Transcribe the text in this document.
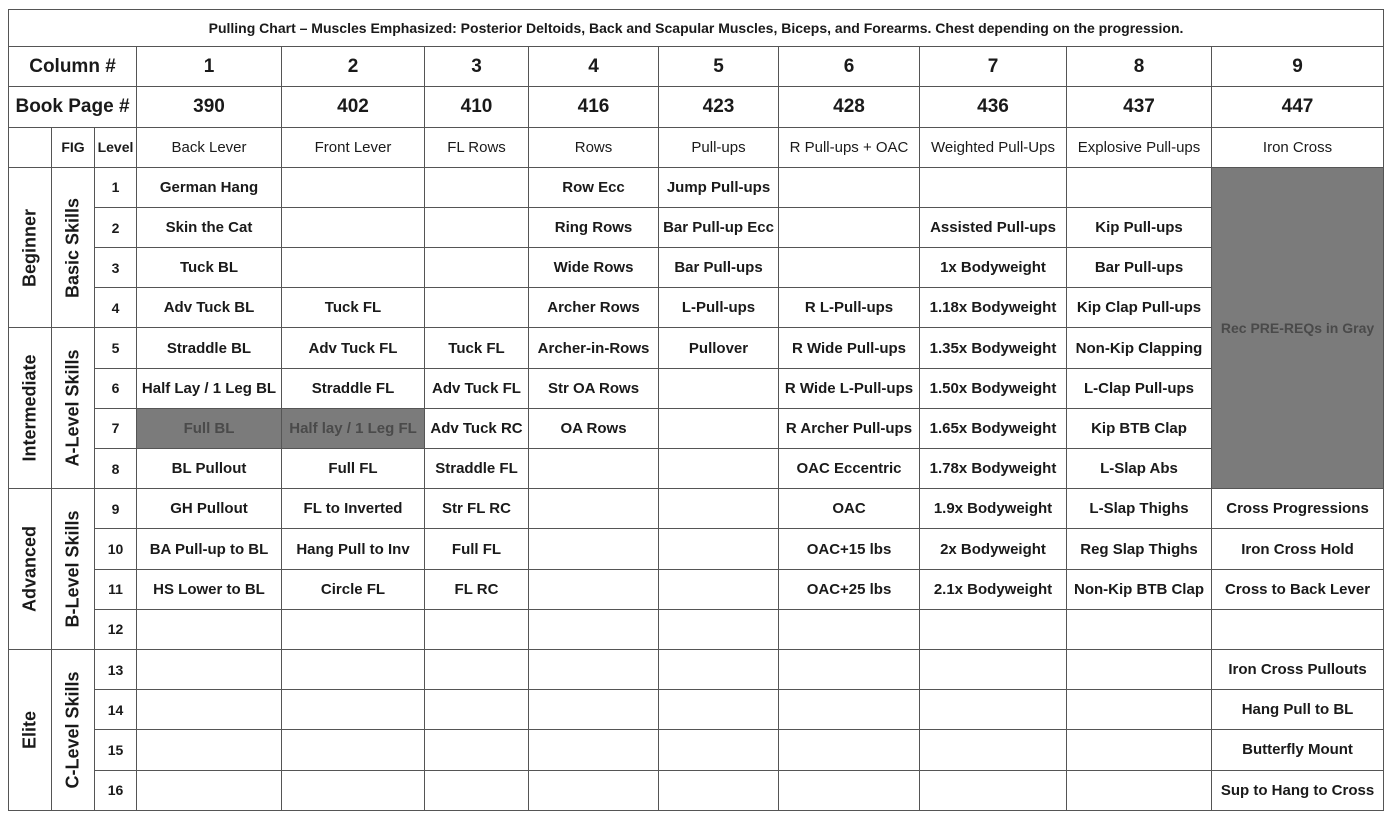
Pulling Chart – Muscles Emphasized: Posterior Deltoids, Back and Scapular Muscles, Biceps, and Forearms. Chest depending on the progression.											
Column #			1	2	3	4	5	6	7	8	9
Book Page #			390	402	410	416	423	428	436	437	447
	FIG	Level	Back Lever	Front Lever	FL Rows	Rows	Pull-ups	R Pull-ups + OAC	Weighted Pull-Ups	Explosive Pull-ups	Iron Cross

Beginner	Basic Skills	1	German Hang			Row Ecc	Jump Pull-ups				Rec PRE-REQs in Gray
		2	Skin the Cat			Ring Rows	Bar Pull-up Ecc		Assisted Pull-ups	Kip Pull-ups	
		3	Tuck BL			Wide Rows	Bar Pull-ups		1x Bodyweight	Bar Pull-ups	
		4	Adv Tuck BL	Tuck FL		Archer Rows	L-Pull-ups	R L-Pull-ups	1.18x Bodyweight	Kip Clap Pull-ups	

Intermediate	A-Level Skills	5	Straddle BL	Adv Tuck FL	Tuck FL	Archer-in-Rows	Pullover	R Wide Pull-ups	1.35x Bodyweight	Non-Kip Clapping	
		6	Half Lay / 1 Leg BL	Straddle FL	Adv Tuck FL	Str OA Rows		R Wide L-Pull-ups	1.50x Bodyweight	L-Clap Pull-ups	
		7	Full BL	Half lay / 1 Leg FL	Adv Tuck RC	OA Rows		R Archer Pull-ups	1.65x Bodyweight	Kip BTB Clap	
		8	BL Pullout	Full FL	Straddle FL			OAC Eccentric	1.78x Bodyweight	L-Slap Abs	

Advanced	B-Level Skills	9	GH Pullout	FL to Inverted	Str FL RC			OAC	1.9x Bodyweight	L-Slap Thighs	Cross Progressions
		10	BA Pull-up to BL	Hang Pull to Inv	Full FL			OAC+15 lbs	2x Bodyweight	Reg Slap Thighs	Iron Cross Hold
		11	HS Lower to BL	Circle FL	FL RC			OAC+25 lbs	2.1x Bodyweight	Non-Kip BTB Clap	Cross to Back Lever
		12									

Elite	C-Level Skills	13									Iron Cross Pullouts
		14									Hang Pull to BL
		15									Butterfly Mount
		16									Sup to Hang to Cross
